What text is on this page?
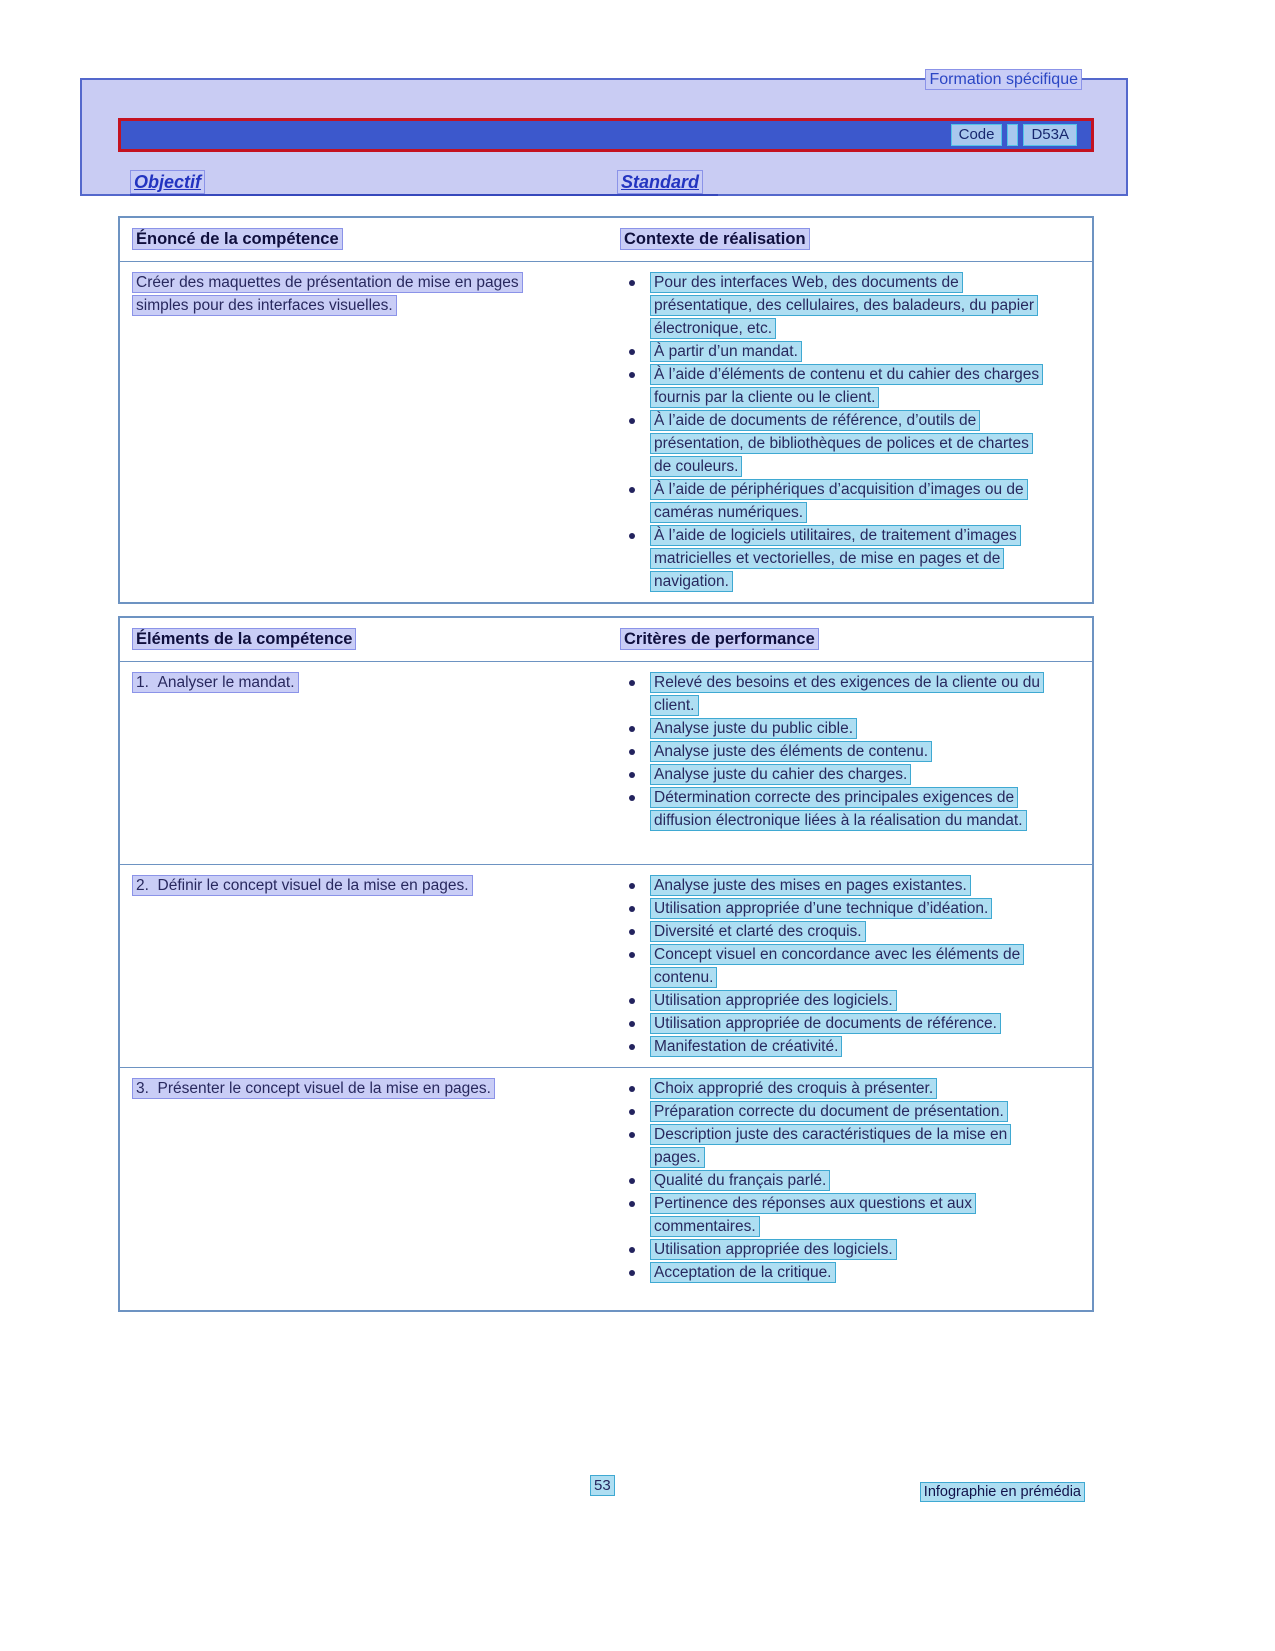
Formation spécifique
Code	D53A
Objectif	Standard
Énoncé de la compétence	Contexte de réalisation
Créer des maquettes de présentation de mise en pages simples pour des interfaces visuelles.
Pour des interfaces Web, des documents de présentatique, des cellulaires, des baladeurs, du papier électronique, etc.
À partir d’un mandat.
À l’aide d’éléments de contenu et du cahier des charges fournis par la cliente ou le client.
À l’aide de documents de référence, d’outils de présentation, de bibliothèques de polices et de chartes de couleurs.
À l’aide de périphériques d’acquisition d’images ou de caméras numériques.
À l’aide de logiciels utilitaires, de traitement d’images matricielles et vectorielles, de mise en pages et de navigation.
Éléments de la compétence	Critères de performance
1.  Analyser le mandat.	Relevé des besoins et des exigences de la cliente ou du client.
Analyse juste du public cible.
Analyse juste des éléments de contenu.
Analyse juste du cahier des charges.
Détermination correcte des principales exigences de diffusion électronique liées à la réalisation du mandat.
2.  Définir le concept visuel de la mise en pages.	Analyse juste des mises en pages existantes.
Utilisation appropriée d’une technique d’idéation.
Diversité et clarté des croquis.
Concept visuel en concordance avec les éléments de contenu.
Utilisation appropriée des logiciels.
Utilisation appropriée de documents de référence.
Manifestation de créativité.
3.  Présenter le concept visuel de la mise en pages.	Choix approprié des croquis à présenter.
Préparation correcte du document de présentation.
Description juste des caractéristiques de la mise en pages.
Qualité du français parlé.
Pertinence des réponses aux questions et aux commentaires.
Utilisation appropriée des logiciels.
Acceptation de la critique.
53	Infographie en prémédia
